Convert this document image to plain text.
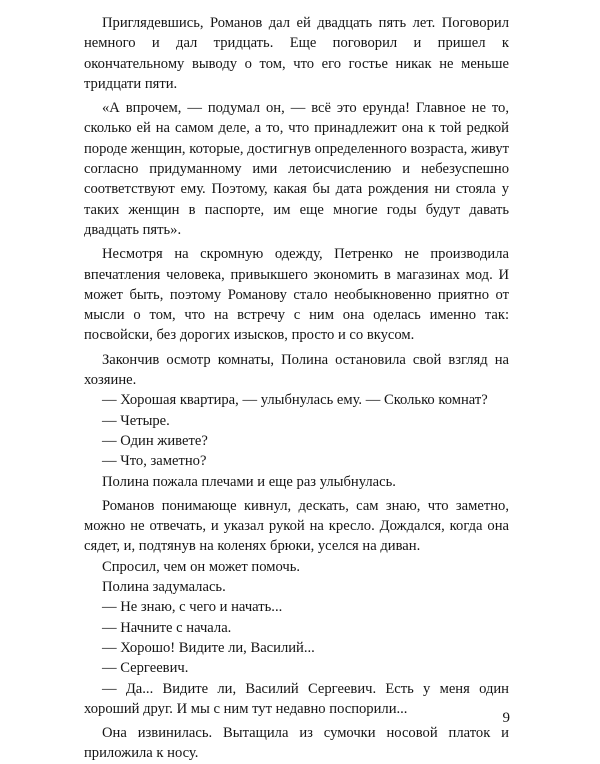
Приглядевшись, Романов дал ей двадцать пять лет. Поговорил немного и дал тридцать. Еще поговорил и пришел к окончательному выводу о том, что его гостье никак не меньше тридцати пяти.

«А впрочем, — подумал он, — всё это ерунда! Главное не то, сколько ей на самом деле, а то, что принадлежит она к той редкой породе женщин, которые, достигнув определенного возраста, живут согласно придуманному ими летоисчислению и небезуспешно соответствуют ему. Поэтому, какая бы дата рождения ни стояла у таких женщин в паспорте, им еще многие годы будут давать двадцать пять».

Несмотря на скромную одежду, Петренко не производила впечатления человека, привыкшего экономить в магазинах мод. И может быть, поэтому Романову стало необыкновенно приятно от мысли о том, что на встречу с ним она оделась именно так: посвойски, без дорогих изысков, просто и со вкусом.

Закончив осмотр комнаты, Полина остановила свой взгляд на хозяине.

— Хорошая квартира, — улыбнулась ему. — Сколько комнат?

— Четыре.

— Один живете?

— Что, заметно?

Полина пожала плечами и еще раз улыбнулась.

Романов понимающе кивнул, дескать, сам знаю, что заметно, можно не отвечать, и указал рукой на кресло. Дождался, когда она сядет, и, подтянув на коленях брюки, уселся на диван.

Спросил, чем он может помочь.

Полина задумалась.

— Не знаю, с чего и начать...

— Начните с начала.

— Хорошо! Видите ли, Василий...

— Сергеевич.

— Да... Видите ли, Василий Сергеевич. Есть у меня один хороший друг. И мы с ним тут недавно поспорили...

Она извинилась. Вытащила из сумочки носовой платок и приложила к носу.

9
